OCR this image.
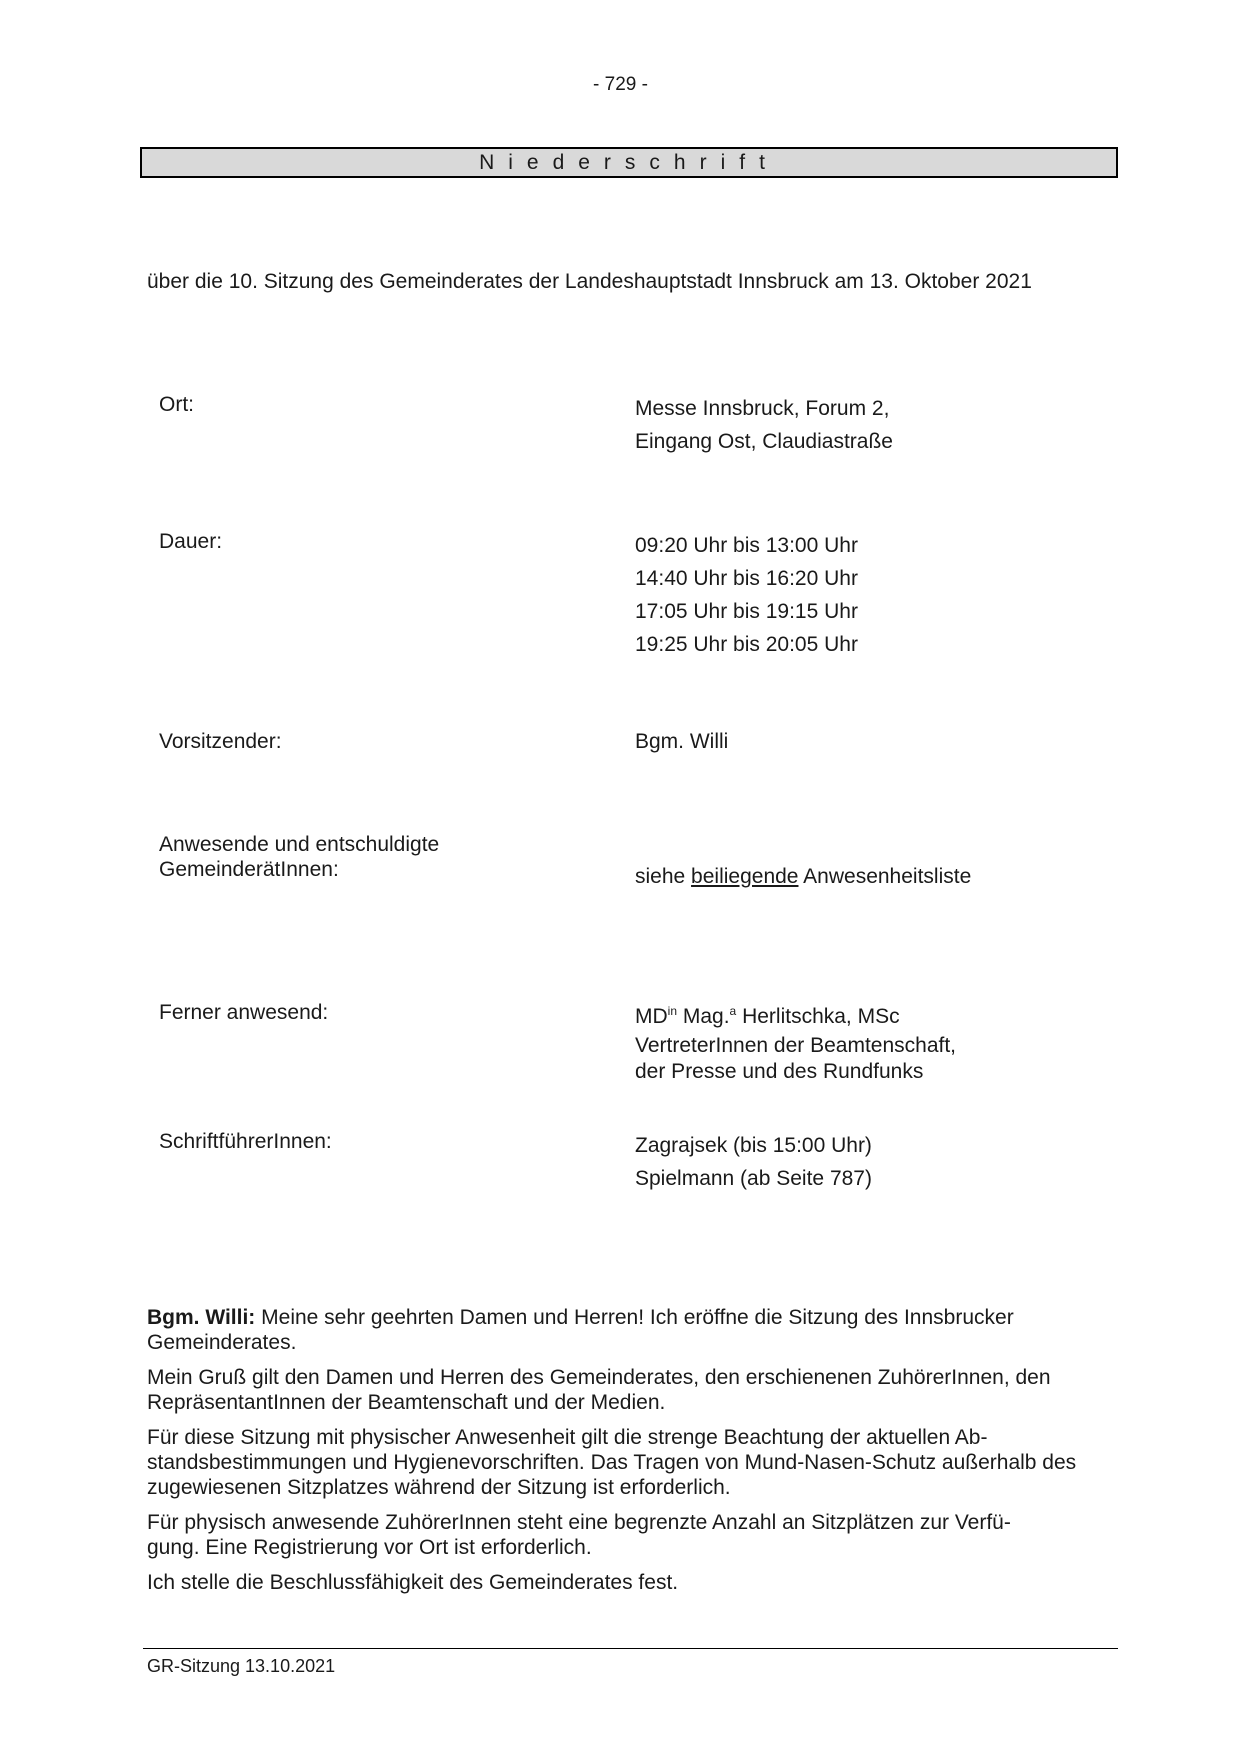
- 729 -
Niederschrift
über die 10. Sitzung des Gemeinderates der Landeshauptstadt Innsbruck am 13. Oktober 2021
Ort:	Messe Innsbruck, Forum 2,
Eingang Ost, Claudiastraße
Dauer:	09:20 Uhr bis 13:00 Uhr
14:40 Uhr bis 16:20 Uhr
17:05 Uhr bis 19:15 Uhr
19:25 Uhr bis 20:05 Uhr
Vorsitzender:	Bgm. Willi
Anwesende und entschuldigte
GemeinderätInnen:	siehe beiliegende Anwesenheitsliste
Ferner anwesend:	$MD^{in}$ Mag.$^a$ Herlitschka, MSc
VertreterInnen der Beamtenschaft,
der Presse und des Rundfunks
SchriftführerInnen:	Zagrajsek (bis 15:00 Uhr)
Spielmann (ab Seite 787)

Bgm. Willi: Meine sehr geehrten Damen und Herren! Ich eröffne die Sitzung des Innsbrucker Gemeinderates.

Mein Gruß gilt den Damen und Herren des Gemeinderates, den erschienenen ZuhörerInnen, den RepräsentantInnen der Beamtenschaft und der Medien.

Für diese Sitzung mit physischer Anwesenheit gilt die strenge Beachtung der aktuellen Ab-
standsbestimmungen und Hygienevorschriften. Das Tragen von Mund-Nasen-Schutz außerhalb des zugewiesenen Sitzplatzes während der Sitzung ist erforderlich.

Für physisch anwesende ZuhörerInnen steht eine begrenzte Anzahl an Sitzplätzen zur Verfü-
gung. Eine Registrierung vor Ort ist erforderlich.

Ich stelle die Beschlussfähigkeit des Gemeinderates fest.

GR-Sitzung 13.10.2021
